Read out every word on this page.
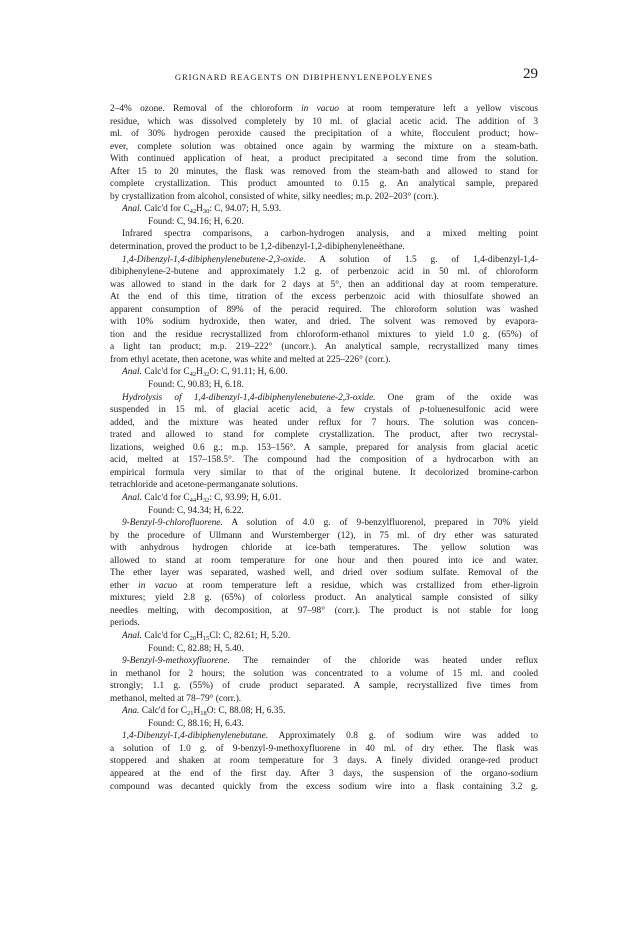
GRIGNARD REAGENTS ON DIBIPHENYLENEPOLYENES	29
2–4% ozone. Removal of the chloroform in vacuo at room temperature left a yellow viscous
residue, which was dissolved completely by 10 ml. of glacial acetic acid. The addition of 3
ml. of 30% hydrogen peroxide caused the precipitation of a white, flocculent product; how-
ever, complete solution was obtained once again by warming the mixture on a steam-bath.
With continued application of heat, a product precipitated a second time from the solution.
After 15 to 20 minutes, the flask was removed from the steam-bath and allowed to stand for
complete crystallization. This product amounted to 0.15 g. An analytical sample, prepared
by crystallization from alcohol, consisted of white, silky needles; m.p. 202–203° (corr.).
Anal. Calc'd for $C_{42}H_{30}$: C, 94.07; H, 5.93.
Found: C, 94.16; H, 6.20.
Infrared spectra comparisons, a carbon-hydrogen analysis, and a mixed melting point
determination, proved the product to be 1,2-dibenzyl-1,2-dibiphenyleneëthane.
1,4-Dibenzyl-1,4-dibiphenylenebutene-2,3-oxide. A solution of 1.5 g. of 1,4-dibenzyl-1,4-
dibiphenylene-2-butene and approximately 1.2 g. of perbenzoic acid in 50 ml. of chloroform
was allowed to stand in the dark for 2 days at 5°, then an additional day at room temperature.
At the end of this time, titration of the excess perbenzoic acid with thiosulfate showed an
apparent consumption of 89% of the peracid required. The chloroform solution was washed
with 10% sodium hydroxide, then water, and dried. The solvent was removed by evapora-
tion and the residue recrystallized from chloroform-ethanol mixtures to yield 1.0 g. (65%) of
a light tan product; m.p. 219–222° (uncorr.). An analytical sample, recrystallized many times
from ethyl acetate, then acetone, was white and melted at 225–226° (corr.).
Anal. Calc'd for $C_{42}H_{32}O$: C, 91.11; H, 6.00.
Found: C, 90.83; H, 6.18.
Hydrolysis of 1,4-dibenzyl-1,4-dibiphenylenebutene-2,3-oxide. One gram of the oxide was
suspended in 15 ml. of glacial acetic acid, a few crystals of p-toluenesulfonic acid were
added, and the mixture was heated under reflux for 7 hours. The solution was concen-
trated and allowed to stand for complete crystallization. The product, after two recrystal-
lizations, weighed 0.6 g.; m.p. 153–156°. A sample, prepared for analysis from glacial acetic
acid, melted at 157–158.5°. The compound had the composition of a hydrocarbon with an
empirical formula very similar to that of the original butene. It decolorized bromine-carbon
tetrachloride and acetone-permanganate solutions.
Anal. Calc'd for $C_{44}H_{32}$: C, 93.99; H, 6.01.
Found: C, 94.34; H, 6.22.
9-Benzyl-9-chlorofluorene. A solution of 4.0 g. of 9-benzylfluorenol, prepared in 70% yield
by the procedure of Ullmann and Wurstemberger (12), in 75 ml. of dry ether was saturated
with anhydrous hydrogen chloride at ice-bath temperatures. The yellow solution was
allowed to stand at room temperature for one hour and then poured into ice and water.
The ether layer was separated, washed well, and dried over sodium sulfate. Removal of the
ether in vacuo at room temperature left a residue, which was crstallized from ether-ligroin
mixtures; yield 2.8 g. (65%) of colorless product. An analytical sample consisted of silky
needles melting, with decomposition, at 97–98° (corr.). The product is not stable for long
periods.
Anal. Calc'd for $C_{20}H_{15}Cl$: C, 82.61; H, 5.20.
Found: C, 82.88; H, 5.40.
9-Benzyl-9-methoxyfluorene. The remainder of the chloride was heated under reflux
in methanol for 2 hours; the solution was concentrated to a volume of 15 ml. and cooled
strongly; 1.1 g. (55%) of crude product separated. A sample, recrystallized five times from
methanol, melted at 78–79° (corr.).
Ana. Calc'd for $C_{21}H_{18}O$: C, 88.08; H, 6.35.
Found: C, 88.16; H, 6.43.
1,4-Dibenzyl-1,4-dibiphenylenebutane. Approximately 0.8 g. of sodium wire was added to
a solution of 1.0 g. of 9-benzyl-9-methoxyfluorene in 40 ml. of dry ether. The flask was
stoppered and shaken at room temperature for 3 days. A finely divided orange-red product
appeared at the end of the first day. After 3 days, the suspension of the organo-sodium
compound was decanted quickly from the excess sodium wire into a flask containing 3.2 g.
